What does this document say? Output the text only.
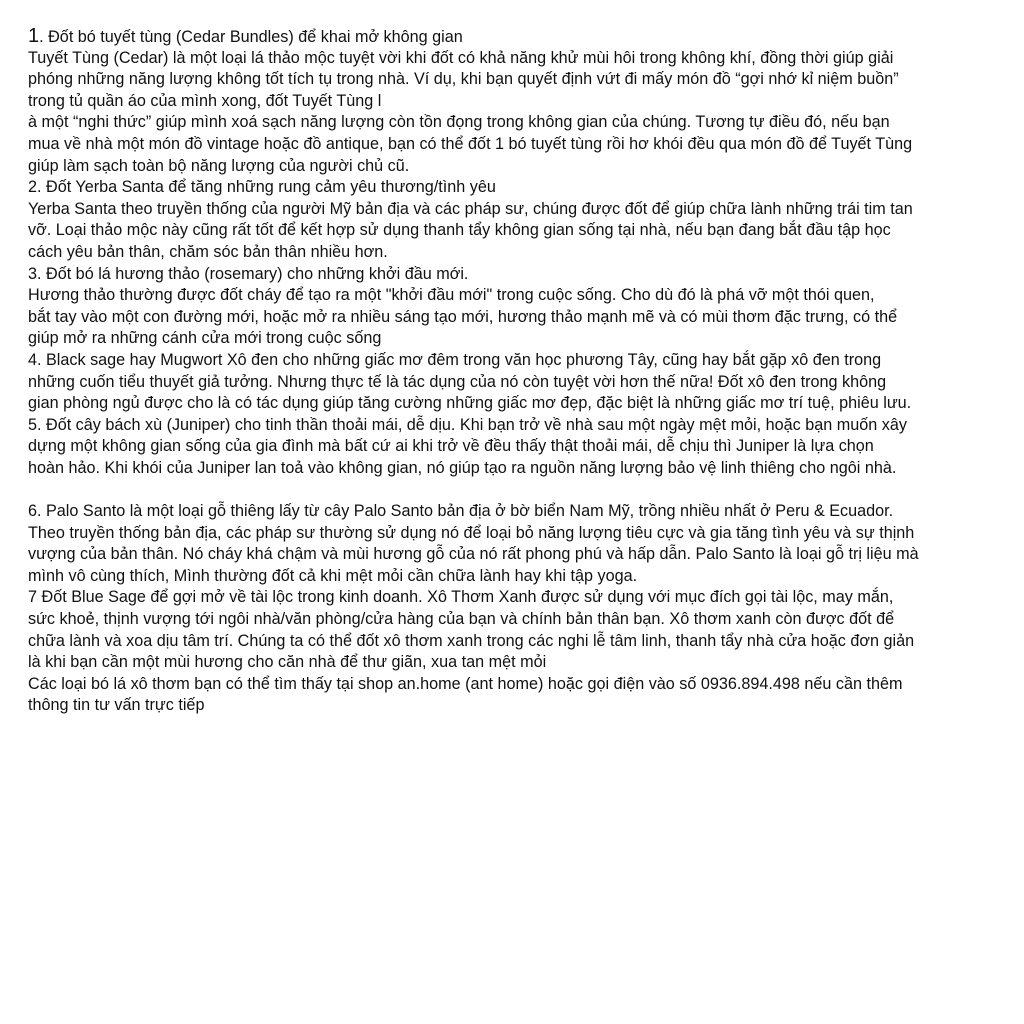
1. Đốt bó tuyết tùng (Cedar Bundles) để khai mở không gian
Tuyết Tùng (Cedar) là một loại lá thảo mộc tuyệt vời khi đốt có khả năng khử mùi hôi trong không khí, đồng thời giúp giải
phóng những năng lượng không tốt tích tụ trong nhà. Ví dụ, khi bạn quyết định vứt đi mấy món đồ “gợi nhớ kỉ niệm buồn”
trong tủ quần áo của mình xong, đốt Tuyết Tùng l
à một “nghi thức” giúp mình xoá sạch năng lượng còn tồn đọng trong không gian của chúng. Tương tự điều đó, nếu bạn
mua về nhà một món đồ vintage hoặc đồ antique, bạn có thể đốt 1 bó tuyết tùng rồi hơ khói đều qua món đồ để Tuyết Tùng
giúp làm sạch toàn bộ năng lượng của người chủ cũ.
2. Đốt Yerba Santa để tăng những rung cảm yêu thương/tình yêu
Yerba Santa theo truyền thống của người Mỹ bản địa và các pháp sư, chúng được đốt để giúp chữa lành những trái tim tan
vỡ. Loại thảo mộc này cũng rất tốt để kết hợp sử dụng thanh tẩy không gian sống tại nhà, nếu bạn đang bắt đầu tập học
cách yêu bản thân, chăm sóc bản thân nhiều hơn.
3. Đốt bó lá hương thảo (rosemary) cho những khởi đầu mới.
Hương thảo thường được đốt cháy để tạo ra một "khởi đầu mới" trong cuộc sống. Cho dù đó là phá vỡ một thói quen,
bắt tay vào một con đường mới, hoặc mở ra nhiều sáng tạo mới, hương thảo mạnh mẽ và có mùi thơm đặc trưng, có thể
giúp mở ra những cánh cửa mới trong cuộc sống
4. Black sage hay Mugwort Xô đen cho những giấc mơ đêm trong văn học phương Tây, cũng hay bắt gặp xô đen trong
những cuốn tiểu thuyết giả tưởng. Nhưng thực tế là tác dụng của nó còn tuyệt vời hơn thế nữa! Đốt xô đen trong không
gian phòng ngủ được cho là có tác dụng giúp tăng cường những giấc mơ đẹp, đặc biệt là những giấc mơ trí tuệ, phiêu lưu.
5. Đốt cây bách xù (Juniper) cho tinh thần thoải mái, dễ dịu. Khi bạn trở về nhà sau một ngày mệt mỏi, hoặc bạn muốn xây
dựng một không gian sống của gia đình mà bất cứ ai khi trở về đều thấy thật thoải mái, dễ chịu thì Juniper là lựa chọn
hoàn hảo. Khi khói của Juniper lan toả vào không gian, nó giúp tạo ra nguồn năng lượng bảo vệ linh thiêng cho ngôi nhà.
6. Palo Santo là một loại gỗ thiêng lấy từ cây Palo Santo bản địa ở bờ biển Nam Mỹ, trồng nhiều nhất ở Peru & Ecuador.
Theo truyền thống bản địa, các pháp sư thường sử dụng nó để loại bỏ năng lượng tiêu cực và gia tăng tình yêu và sự thịnh
vượng của bản thân. Nó cháy khá chậm và mùi hương gỗ của nó rất phong phú và hấp dẫn. Palo Santo là loại gỗ trị liệu mà
mình vô cùng thích, Mình thường đốt cả khi mệt mỏi cần chữa lành hay khi tập yoga.
7 Đốt Blue Sage để gợi mở về tài lộc trong kinh doanh. Xô Thơm Xanh được sử dụng với mục đích gọi tài lộc, may mắn,
sức khoẻ, thịnh vượng tới ngôi nhà/văn phòng/cửa hàng của bạn và chính bản thân bạn. Xô thơm xanh còn được đốt để
chữa lành và xoa dịu tâm trí. Chúng ta có thể đốt xô thơm xanh trong các nghi lễ tâm linh, thanh tẩy nhà cửa hoặc đơn giản
là khi bạn cần một mùi hương cho căn nhà để thư giãn, xua tan mệt mỏi
Các loại bó lá xô thơm bạn có thể tìm thấy tại shop an.home (ant home) hoặc gọi điện vào số 0936.894.498 nếu cần thêm
thông tin tư vấn trực tiếp
